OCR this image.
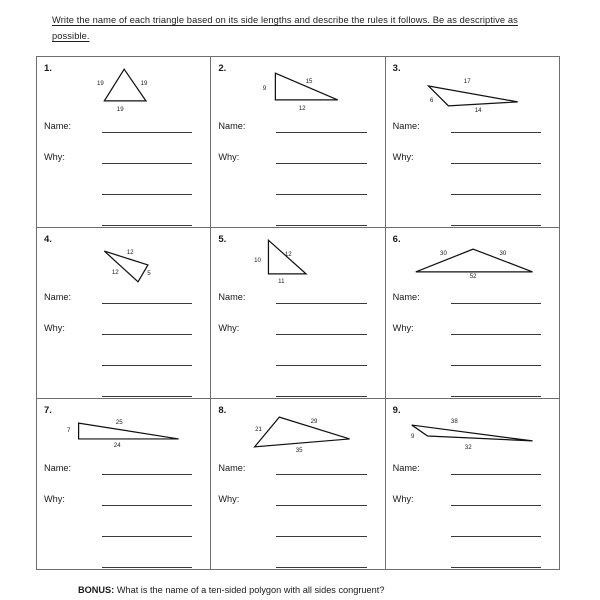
Write the name of each triangle based on its side lengths and describe the rules it follows. Be as descriptive as possible.
1.
19	19
19
Name:
Why:
2.
9
15
12
Name:
Why:
3.
6
17
14
Name:
Why:
4.
12
12	5
Name:
Why:
5.
10
12
11
Name:
Why:
6.
30	30
52
Name:
Why:
7.
7
25
24
Name:
Why:
8.
21
29
35
Name:
Why:
9.
38
9
32
Name:
Why:
BONUS: What is the name of a ten-sided polygon with all sides congruent?
